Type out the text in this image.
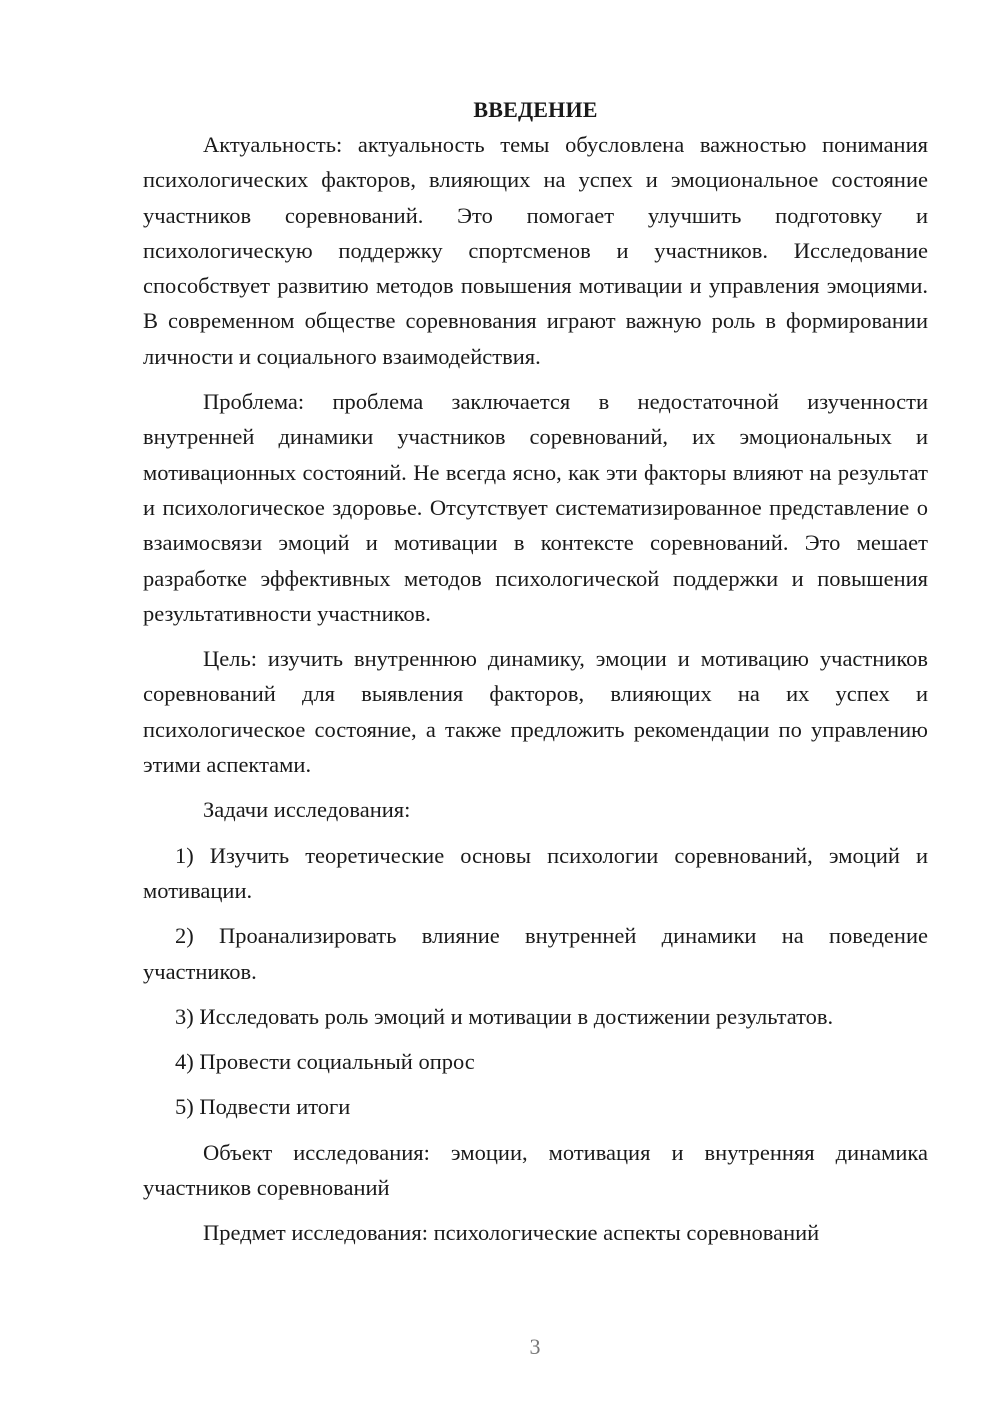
ВВЕДЕНИЕ

Актуальность: актуальность темы обусловлена важностью понимания психологических факторов, влияющих на успех и эмоциональное состояние участников соревнований. Это помогает улучшить подготовку и психологическую поддержку спортсменов и участников. Исследование способствует развитию методов повышения мотивации и управления эмоциями. В современном обществе соревнования играют важную роль в формировании личности и социального взаимодействия.

Проблема: проблема заключается в недостаточной изученности внутренней динамики участников соревнований, их эмоциональных и мотивационных состояний. Не всегда ясно, как эти факторы влияют на результат и психологическое здоровье. Отсутствует систематизированное представление о взаимосвязи эмоций и мотивации в контексте соревнований. Это мешает разработке эффективных методов психологической поддержки и повышения результативности участников.

Цель: изучить внутреннюю динамику, эмоции и мотивацию участников соревнований для выявления факторов, влияющих на их успех и психологическое состояние, а также предложить рекомендации по управлению этими аспектами.

Задачи исследования:

1) Изучить теоретические основы психологии соревнований, эмоций и мотивации.

2) Проанализировать влияние внутренней динамики на поведение участников.

3) Исследовать роль эмоций и мотивации в достижении результатов.

4) Провести социальный опрос

5) Подвести итоги

Объект исследования: эмоции, мотивация и внутренняя динамика участников соревнований

Предмет исследования: психологические аспекты соревнований

3
